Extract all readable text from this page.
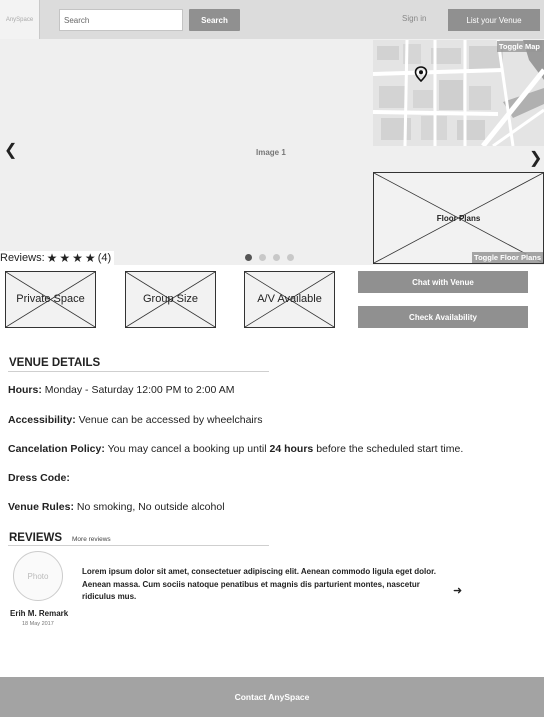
AnySpace
Search	Search	Sign in	List your Venue
❮	Image 1	❯
Toggle Map
Floor Plans
Toggle Floor Plans
Reviews: ★ ★ ★ ★ (4)
Private Space	Group Size	A/V Available
Chat with Venue
Check Availability
VENUE DETAILS
Hours: Monday - Saturday 12:00 PM to 2:00 AM
Accessibility: Venue can be accessed by wheelchairs
Cancelation Policy: You may cancel a booking up until 24 hours before the scheduled start time.
Dress Code:
Venue Rules: No smoking, No outside alcohol
REVIEWS More reviews
Photo
Erih M. Remark
18 May 2017
Lorem ipsum dolor sit amet, consectetuer adipiscing elit. Aenean commodo ligula eget dolor. Aenean massa. Cum sociis natoque penatibus et magnis dis parturient montes, nascetur ridiculus mus.	➜
Contact AnySpace
